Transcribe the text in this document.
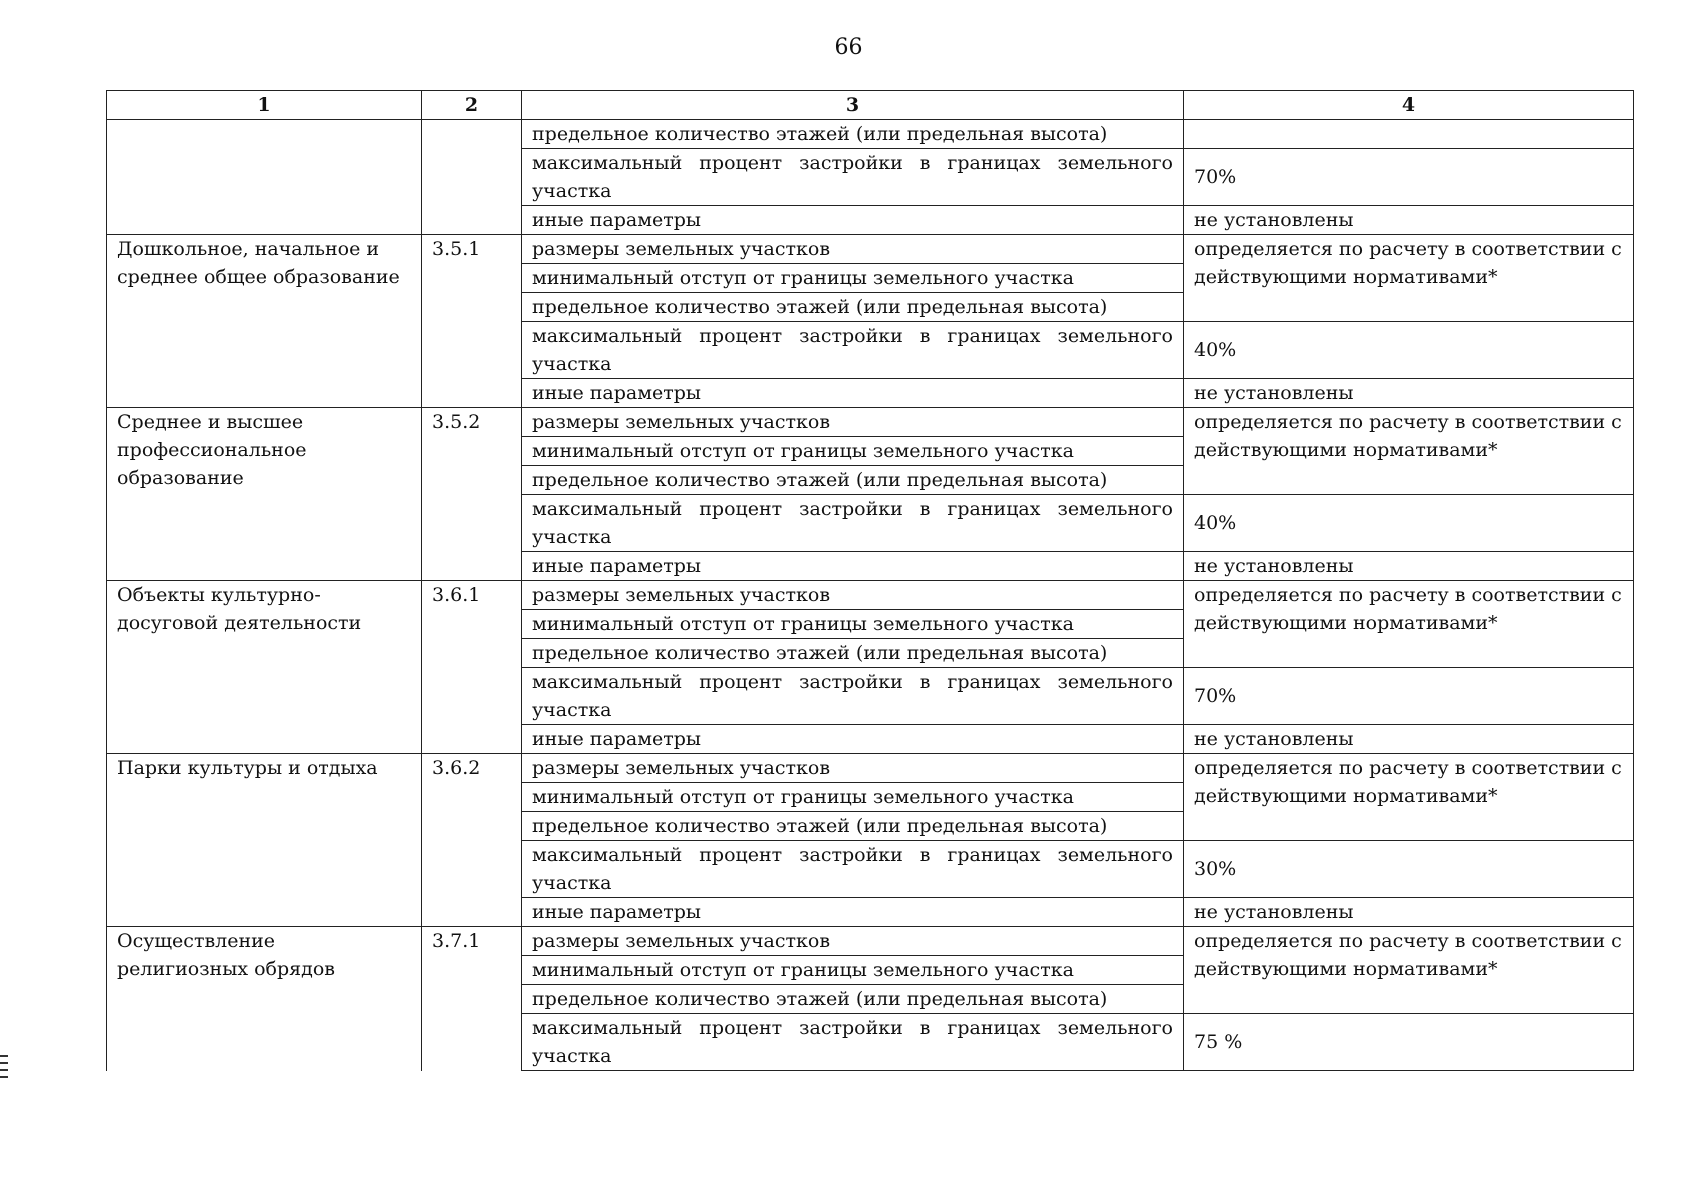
66
1	2	3	4
		предельное количество этажей (или предельная высота)	
		максимальный процент застройки в границах земельного участка	70%
		иные параметры	не установлены
Дошкольное, начальное и среднее общее образование	3.5.1	размеры земельных участков	определяется по расчету в соответствии с действующими нормативами*
		минимальный отступ от границы земельного участка	
		предельное количество этажей (или предельная высота)	
		максимальный процент застройки в границах земельного участка	40%
		иные параметры	не установлены
Среднее и высшее профессиональное образование	3.5.2	размеры земельных участков	определяется по расчету в соответствии с действующими нормативами*
		минимальный отступ от границы земельного участка	
		предельное количество этажей (или предельная высота)	
		максимальный процент застройки в границах земельного участка	40%
		иные параметры	не установлены
Объекты культурно-досуговой деятельности	3.6.1	размеры земельных участков	определяется по расчету в соответствии с действующими нормативами*
		минимальный отступ от границы земельного участка	
		предельное количество этажей (или предельная высота)	
		максимальный процент застройки в границах земельного участка	70%
		иные параметры	не установлены
Парки культуры и отдыха	3.6.2	размеры земельных участков	определяется по расчету в соответствии с действующими нормативами*
		минимальный отступ от границы земельного участка	
		предельное количество этажей (или предельная высота)	
		максимальный процент застройки в границах земельного участка	30%
		иные параметры	не установлены
Осуществление религиозных обрядов	3.7.1	размеры земельных участков	определяется по расчету в соответствии с действующими нормативами*
		минимальный отступ от границы земельного участка	
		предельное количество этажей (или предельная высота)	
		максимальный процент застройки в границах земельного участка	75 %
